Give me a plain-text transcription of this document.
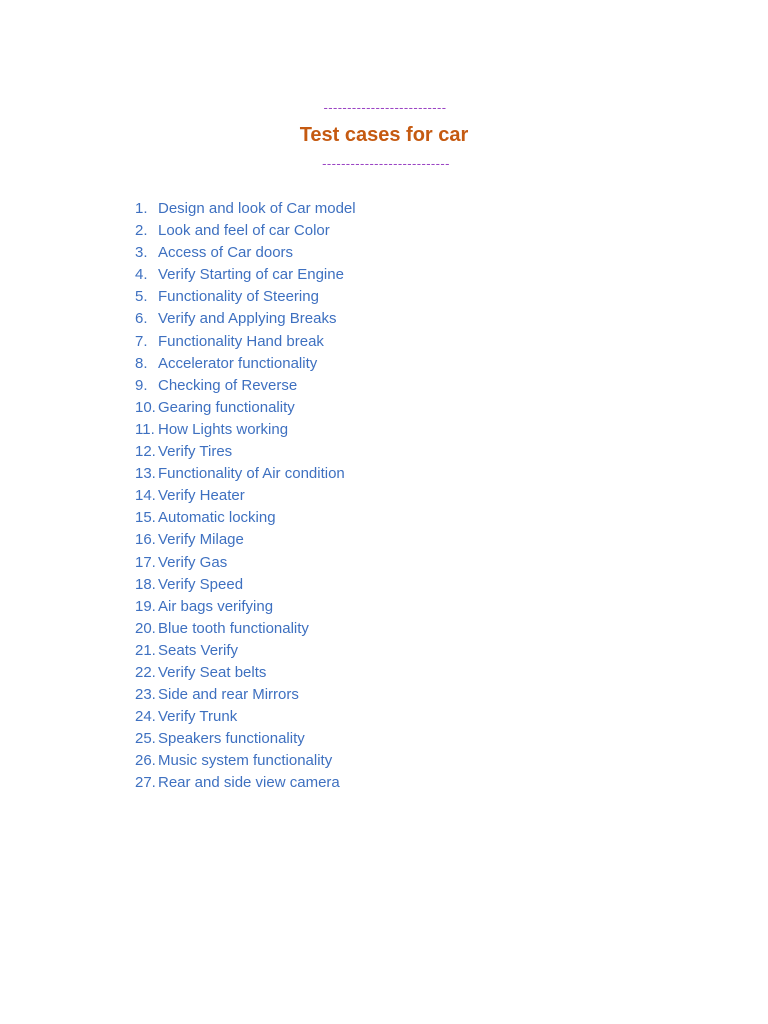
--------------------------
Test cases for car
---------------------------
1. Design and look of Car model
2. Look and feel of car Color
3. Access of Car doors
4. Verify Starting of car Engine
5. Functionality of Steering
6. Verify and Applying Breaks
7. Functionality Hand break
8. Accelerator functionality
9. Checking of Reverse
10. Gearing functionality
11. How Lights working
12. Verify Tires
13. Functionality of Air condition
14. Verify Heater
15. Automatic locking
16. Verify Milage
17. Verify Gas
18. Verify Speed
19. Air bags verifying
20. Blue tooth functionality
21. Seats Verify
22. Verify Seat belts
23. Side and rear Mirrors
24. Verify Trunk
25. Speakers functionality
26. Music system functionality
27. Rear and side view camera
